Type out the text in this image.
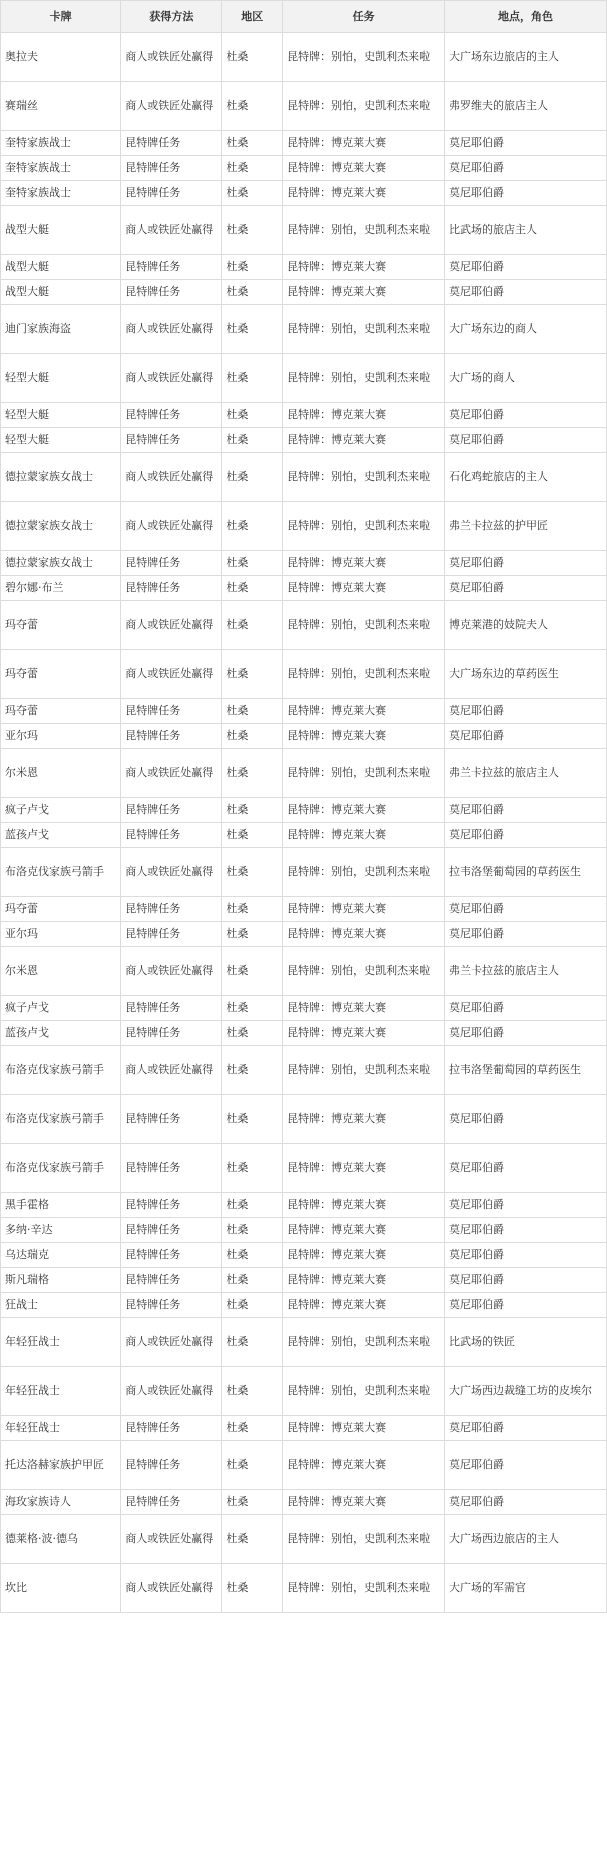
卡牌	获得方法	地区	任务	地点，角色
奥拉夫	商人或铁匠处赢得	杜桑	昆特牌：别怕，史凯利杰来啦	大广场东边旅店的主人
赛瑞丝	商人或铁匠处赢得	杜桑	昆特牌：别怕，史凯利杰来啦	弗罗维夫的旅店主人
奎特家族战士	昆特牌任务	杜桑	昆特牌：博克莱大赛	莫尼耶伯爵
奎特家族战士	昆特牌任务	杜桑	昆特牌：博克莱大赛	莫尼耶伯爵
奎特家族战士	昆特牌任务	杜桑	昆特牌：博克莱大赛	莫尼耶伯爵
战型大艇	商人或铁匠处赢得	杜桑	昆特牌：别怕，史凯利杰来啦	比武场的旅店主人
战型大艇	昆特牌任务	杜桑	昆特牌：博克莱大赛	莫尼耶伯爵
战型大艇	昆特牌任务	杜桑	昆特牌：博克莱大赛	莫尼耶伯爵
迪门家族海盗	商人或铁匠处赢得	杜桑	昆特牌：别怕，史凯利杰来啦	大广场东边的商人
轻型大艇	商人或铁匠处赢得	杜桑	昆特牌：别怕，史凯利杰来啦	大广场的商人
轻型大艇	昆特牌任务	杜桑	昆特牌：博克莱大赛	莫尼耶伯爵
轻型大艇	昆特牌任务	杜桑	昆特牌：博克莱大赛	莫尼耶伯爵
德拉蒙家族女战士	商人或铁匠处赢得	杜桑	昆特牌：别怕，史凯利杰来啦	石化鸡蛇旅店的主人
德拉蒙家族女战士	商人或铁匠处赢得	杜桑	昆特牌：别怕，史凯利杰来啦	弗兰卡拉兹的护甲匠
德拉蒙家族女战士	昆特牌任务	杜桑	昆特牌：博克莱大赛	莫尼耶伯爵
碧尔娜·布兰	昆特牌任务	杜桑	昆特牌：博克莱大赛	莫尼耶伯爵
玛夺蕾	商人或铁匠处赢得	杜桑	昆特牌：别怕，史凯利杰来啦	博克莱港的妓院夫人
玛夺蕾	商人或铁匠处赢得	杜桑	昆特牌：别怕，史凯利杰来啦	大广场东边的草药医生
玛夺蕾	昆特牌任务	杜桑	昆特牌：博克莱大赛	莫尼耶伯爵
亚尔玛	昆特牌任务	杜桑	昆特牌：博克莱大赛	莫尼耶伯爵
尔米恩	商人或铁匠处赢得	杜桑	昆特牌：别怕，史凯利杰来啦	弗兰卡拉兹的旅店主人
疯子卢戈	昆特牌任务	杜桑	昆特牌：博克莱大赛	莫尼耶伯爵
蓝孩卢戈	昆特牌任务	杜桑	昆特牌：博克莱大赛	莫尼耶伯爵
布洛克伐家族弓箭手	商人或铁匠处赢得	杜桑	昆特牌：别怕，史凯利杰来啦	拉韦洛堡葡萄园的草药医生
玛夺蕾	昆特牌任务	杜桑	昆特牌：博克莱大赛	莫尼耶伯爵
亚尔玛	昆特牌任务	杜桑	昆特牌：博克莱大赛	莫尼耶伯爵
尔米恩	商人或铁匠处赢得	杜桑	昆特牌：别怕，史凯利杰来啦	弗兰卡拉兹的旅店主人
疯子卢戈	昆特牌任务	杜桑	昆特牌：博克莱大赛	莫尼耶伯爵
蓝孩卢戈	昆特牌任务	杜桑	昆特牌：博克莱大赛	莫尼耶伯爵
布洛克伐家族弓箭手	商人或铁匠处赢得	杜桑	昆特牌：别怕，史凯利杰来啦	拉韦洛堡葡萄园的草药医生
布洛克伐家族弓箭手	昆特牌任务	杜桑	昆特牌：博克莱大赛	莫尼耶伯爵
布洛克伐家族弓箭手	昆特牌任务	杜桑	昆特牌：博克莱大赛	莫尼耶伯爵
黑手霍格	昆特牌任务	杜桑	昆特牌：博克莱大赛	莫尼耶伯爵
多纳·辛达	昆特牌任务	杜桑	昆特牌：博克莱大赛	莫尼耶伯爵
乌达瑞克	昆特牌任务	杜桑	昆特牌：博克莱大赛	莫尼耶伯爵
斯凡瑞格	昆特牌任务	杜桑	昆特牌：博克莱大赛	莫尼耶伯爵
狂战士	昆特牌任务	杜桑	昆特牌：博克莱大赛	莫尼耶伯爵
年轻狂战士	商人或铁匠处赢得	杜桑	昆特牌：别怕，史凯利杰来啦	比武场的铁匠
年轻狂战士	商人或铁匠处赢得	杜桑	昆特牌：别怕，史凯利杰来啦	大广场西边裁缝工坊的皮埃尔
年轻狂战士	昆特牌任务	杜桑	昆特牌：博克莱大赛	莫尼耶伯爵
托达洛赫家族护甲匠	昆特牌任务	杜桑	昆特牌：博克莱大赛	莫尼耶伯爵
海玫家族诗人	昆特牌任务	杜桑	昆特牌：博克莱大赛	莫尼耶伯爵
德莱格·波·德乌	商人或铁匠处赢得	杜桑	昆特牌：别怕，史凯利杰来啦	大广场西边旅店的主人
坎比	商人或铁匠处赢得	杜桑	昆特牌：别怕，史凯利杰来啦	大广场的军需官
